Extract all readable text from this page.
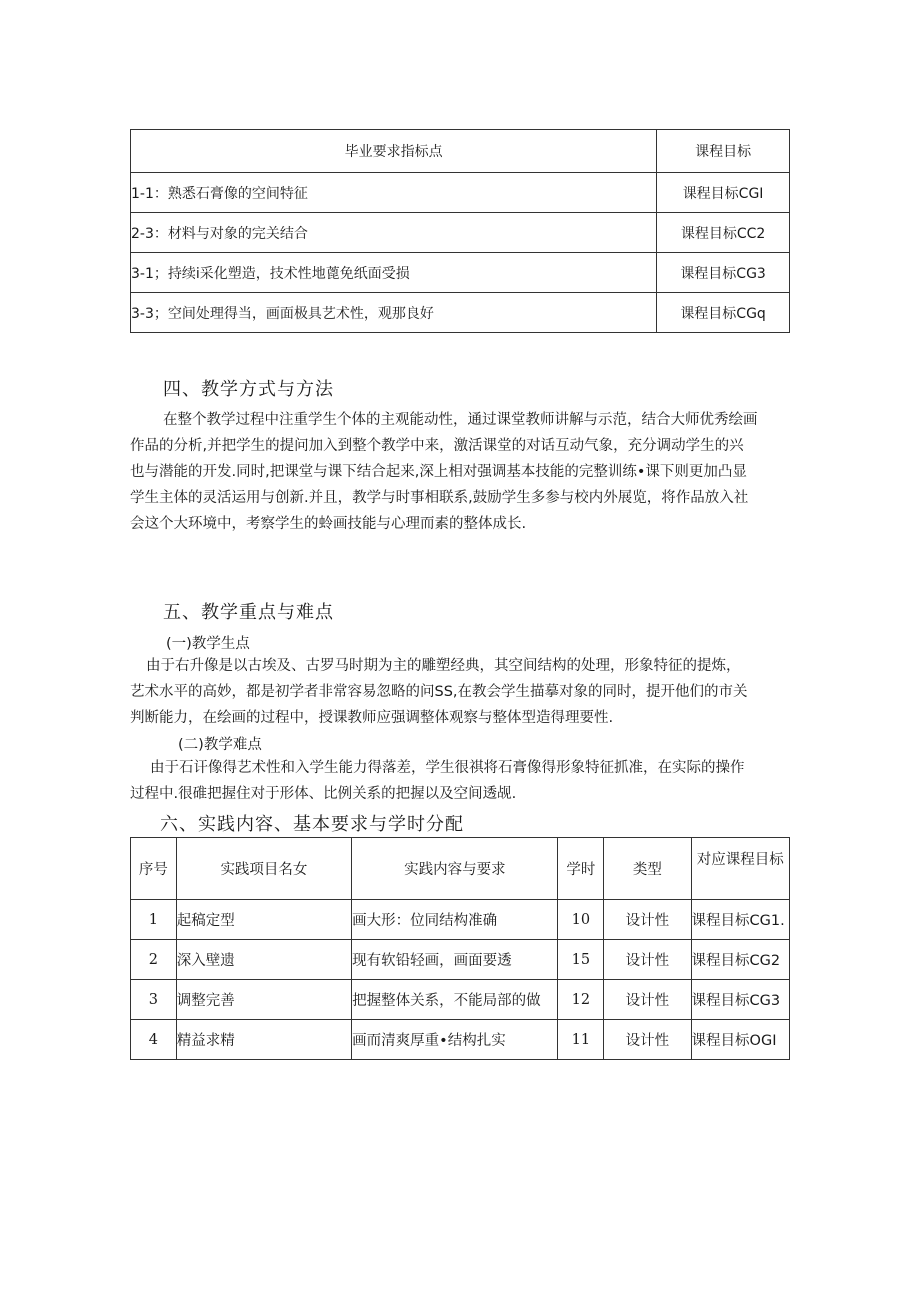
毕业要求指标点	课程目标
1-1：熟悉石膏像的空间特征	课程目标CGI
2-3：材料与对象的完关结合	课程目标CC2
3-1；持续i采化塑造，技术性地蓖免纸面受损	课程目标CG3
3-3；空间处理得当，画面极具艺术性，观那良好	课程目标CGq
四、教学方式与方法
在整个教学过程中注重学生个体的主观能动性，通过课堂教师讲解与示范，结合大师优秀绘画
作品的分析,并把学生的提问加入到整个教学中来，激活课堂的对话互动气象，充分调动学生的兴
也与潜能的开发.同时,把课堂与课下结合起来,深上相对强调基本技能的完整训练•课下则更加凸显
学生主体的灵活运用与创新.并且，教学与时事相联系,鼓励学生多参与校内外展览，将作品放入社
会这个大环境中，考察学生的蛉画技能与心理而素的整体成长.
五、教学重点与难点
(一)教学生点
由于右升像是以古埃及、古罗马时期为主的雕塑经典，其空间结构的处理，形象特征的提炼，
艺术水平的高妙，都是初学者非常容易忽略的问SS,在教会学生描摹对象的同时，提开他们的市关
判断能力，在绘画的过程中，授课教师应强调整体观察与整体型造得理要性.
(二)教学难点
由于石讦像得艺术性和入学生能力得落差，学生很祺将石膏像得形象特征抓准，在实际的操作
过程中.很碓把握住对于形体、比例关系的把握以及空间透觇.
六、实践内容、基本要求与学时分配
序号	实践项目名女	实践内容与要求	学时	类型	对应课程目标
1	起稿定型	画大形：位同结构准确	10	设计性	课程目标CG1.
2	深入壁遗	现有软铅轻画，画面要透	15	设计性	课程目标CG2
3	调整完善	把握整体关系，不能局部的做	12	设计性	课程目标CG3
4	精益求精	画而清爽厚重•结构扎实	11	设计性	课程目标OGI
